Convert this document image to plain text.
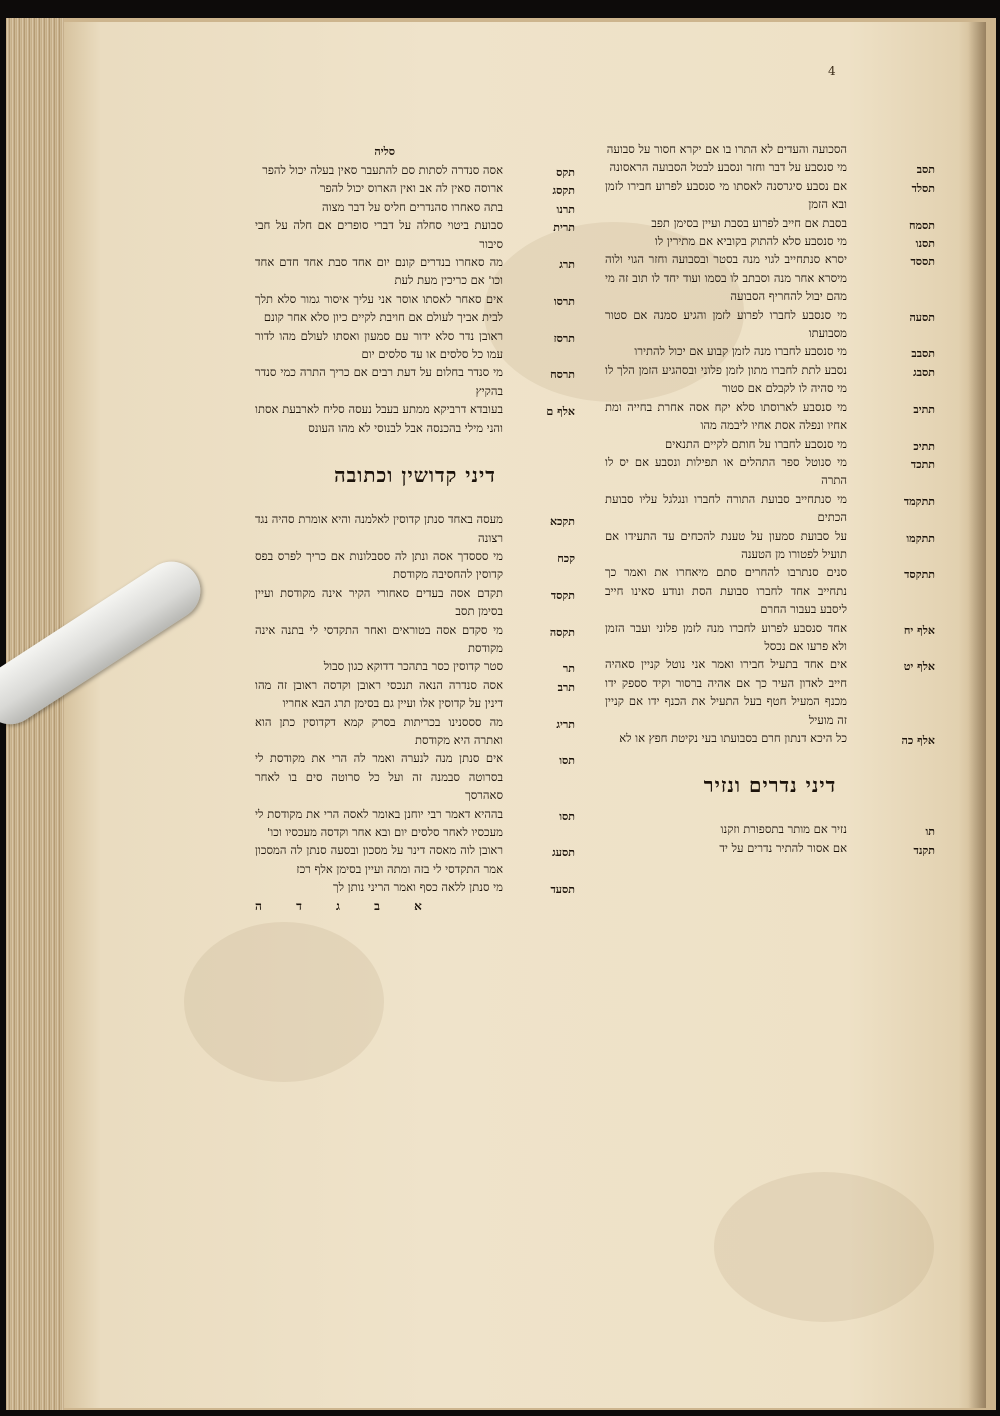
4
הסכועה והעדים לא התרו בו אם יקרא חסור על סבועה
תסב
מי סנסבע על דבר וחזר ונסבע לבטל הסבועה הראסונה
תסלד
אם נסבע סיגרסנה לאסתו מי סנסבע לפרוע חבירו לזמן ובא הזמן
תסמח
בסבת אם חייב לפרוע בסבת ועיין בסימן תפב
תסנו
מי סנסבע סלא להתוק בקוביא אם מתירין לו
תססד
יסרא סנתחייב לגוי מנה בסטר ובסבועה וחזר הגוי ולוה מיסרא אחר מנה וסבתב לו בסמו ועוד יחד לו תוב זה מי מהם יבול להחריף הסבועה
תסעה
מי סנסבע לחברו לפרוע לזמן והגיע סמנה אם סטור מסבועתו
תסבב
מי סנסבע לחברו מנה לזמן קבוע אם יכול להתירו
תסבג
נסבע לתת לחברו מתון לזמן פלוני ובסהגיע הזמן הלך לו מי סהיה לו לקבלם אם סטור
תתיב
מי סנסבע לארוסתו סלא יקח אסה אחרת בחייה ומת אחיו ונפלה אסת אחיו ליבמה מהו
תתיכ
מי סנסבע לחברו על חותם לקיים התנאים
תתכד
מי סנוטל ספר התהלים או תפילות ונסבע אם יס לו התרה
תתקמד
מי סנתחייב סבועת התורה לחברו ונגלגל עליו סבועת הכתים
תתקמו
על סבועת סמעון על טענת להכחים עד התעידו אם תועיל לפטורו מן הטענה
תתקסד
סנים סנתרבו להחרים סתם מיאחרו את ואמר כך נתחייב אחד לחברו סבועת הסת ונודע סאינו חייב ליסבע בעבור החרם
אלף יח
אחד סנסבע לפרוע לחברו מנה לזמן פלוני ועבר הזמן ולא פרעו אם נכסל
אלף יט
אים אחד בתעיל חבירו ואמר אני נוטל קניין סאהיה חייב לאדון העיר כך אם אהיה ברסור וקיד סספק ידו מכנף המעיל חטף בעל התעיל את הכנף ידו אם קניין זה מועיל
אלף כה
כל היכא דנתון חרם בסבועתו בעי נקיטת חפץ או לא
דיני נדרים ונזיר
תו
נזיר אם מותר בתספורת וזקנו
תקנד
אם אסור להתיר נדרים על יד
סליה
תקס
אסה סנדרה לסתות סם להתעבר סאין בעלה יכול להפר
תקסג
ארוסה סאין לה אב ואין הארוס יכול להפר
תרנו
בתה סאחרו סהנדרים חליס על דבר מצוה
תרית
סבועת ביטוי סחלה על דברי סופרים אם חלה על חבי סיבור
תרג
מה סאחרו בנדרים קונם יום אחד סבת אחד חדם אחד וכו' אם כריכין מעת לעת
תרסו
אים סאחר לאסתו אוסר אני עליך איסור גמור סלא תלך לבית אביך לעולם אם חויבת לקיים כיון סלא אחר קונם
תרסז
ראובן נדר סלא ידור עם סמעון ואסתו לעולם מהו לדור עמו כל סלסים או עד סלסים יום
תרסח
מי סנדר בחלום על דעת רבים אם כריך התרה כמי סנדר בהקיץ
אלף ם
בעובדא דרביקא ממתע בעבל נעסה סליח לארבעת אסתו והני מילי בהכנסה אבל לבנוסי לא מהו העונס
דיני קדושין וכתובה
תקכא
מעסה באחד סנתן קדוסין לאלמנה והיא אומרת סהיה נגד רצונה
קכח
מי סססדך אסה ונתן לה ססבלונות אם כריך לפרס בפס קדוסין להחסיבה מקודסת
תקסד
תקדם אסה בעדים סאחורי הקיר אינה מקודסת ועיין בסימן תסב
תקסה
מי סקדם אסה בטוראים ואחר התקדסי לי בתנה אינה מקודסת
תר
סטר קדוסין כסר בתהכר דדוקא כגון סבול
תרב
אסה סנדרה הנאה תנכסי ראובן וקדסה ראובן זה מהו דינין על קדוסין אלו ועיין גם בסימן תרג הבא אחריו
תריג
מה סססנינו בכריתות בסרק קמא דקדוסין כתן הוא ואתרה היא מקודסת
תסו
אים סנתן מנה לנערה ואמר לה הרי את מקודסת לי בסרוטה סבמנה זה ועל כל סרוטה סים בו לאחר סאהרסך
תסו
בההיא דאמר רבי יוחנן באומר לאסה הרי את מקודסת לי מעכסיו לאחר סלסים יום ובא אחר וקדסה מעכסיו וכו'
תסעג
ראובן לוה מאסה דינר על מסכון ובסעה סנתן לה המסכון אמר התקדסי לי בזה ומתה ועיין בסימן אלף רכז
תסעד
מי סנתן ללאה כסף ואמר הריני נותן לך
א ב ג ד ה
